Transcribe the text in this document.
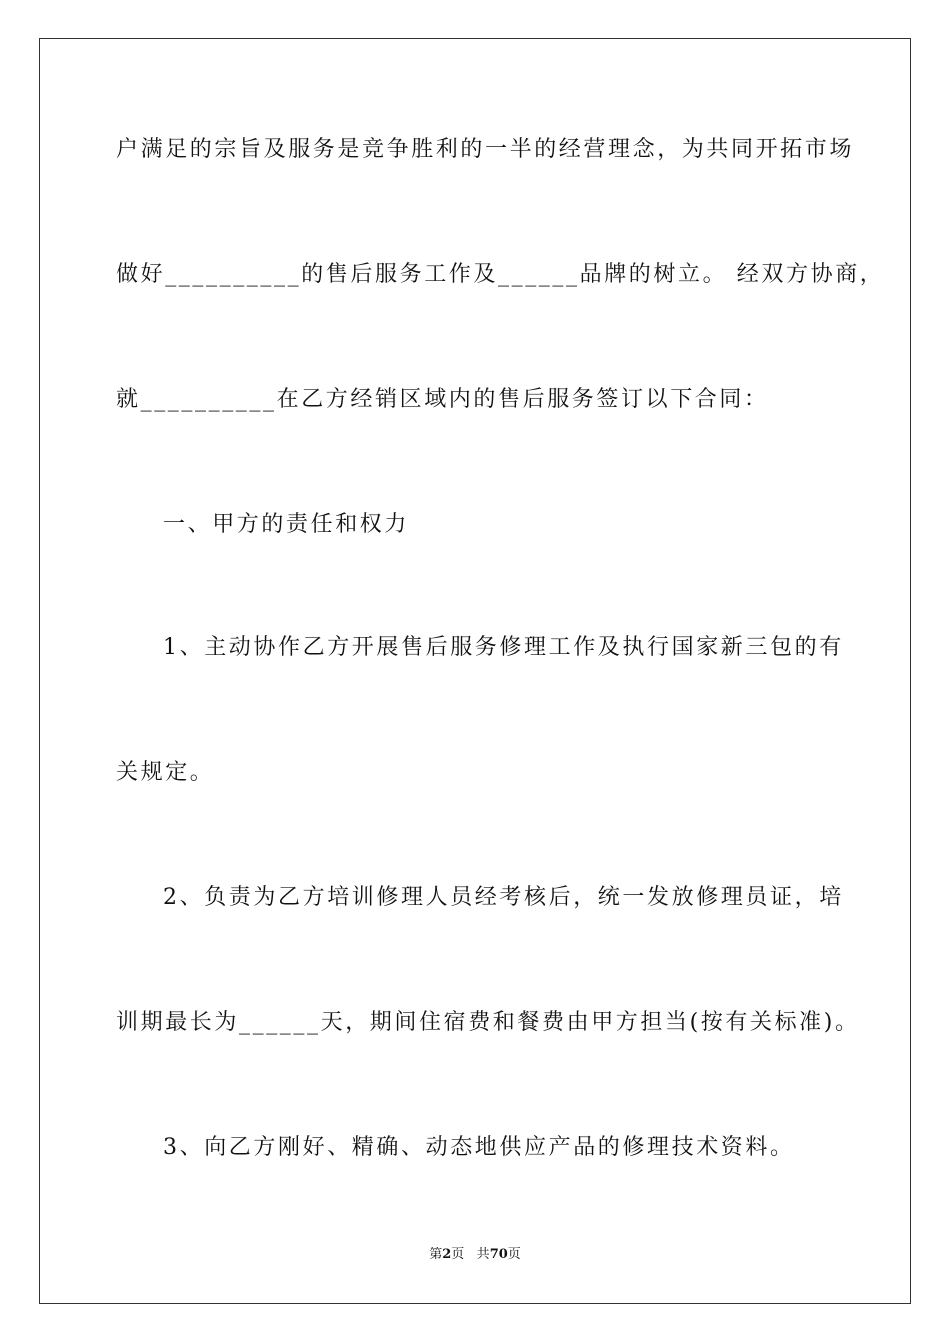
户满足的宗旨及服务是竞争胜利的一半的经营理念，为共同开拓市场
做好__________的售后服务工作及______品牌的树立。 经双方协商，
就__________在乙方经销区域内的售后服务签订以下合同：
一、甲方的责任和权力
1、主动协作乙方开展售后服务修理工作及执行国家新三包的有
关规定。
2、负责为乙方培训修理人员经考核后，统一发放修理员证，培
训期最长为______天，期间住宿费和餐费由甲方担当(按有关标准)。
3、向乙方刚好、精确、动态地供应产品的修理技术资料。
第2页 共70页
